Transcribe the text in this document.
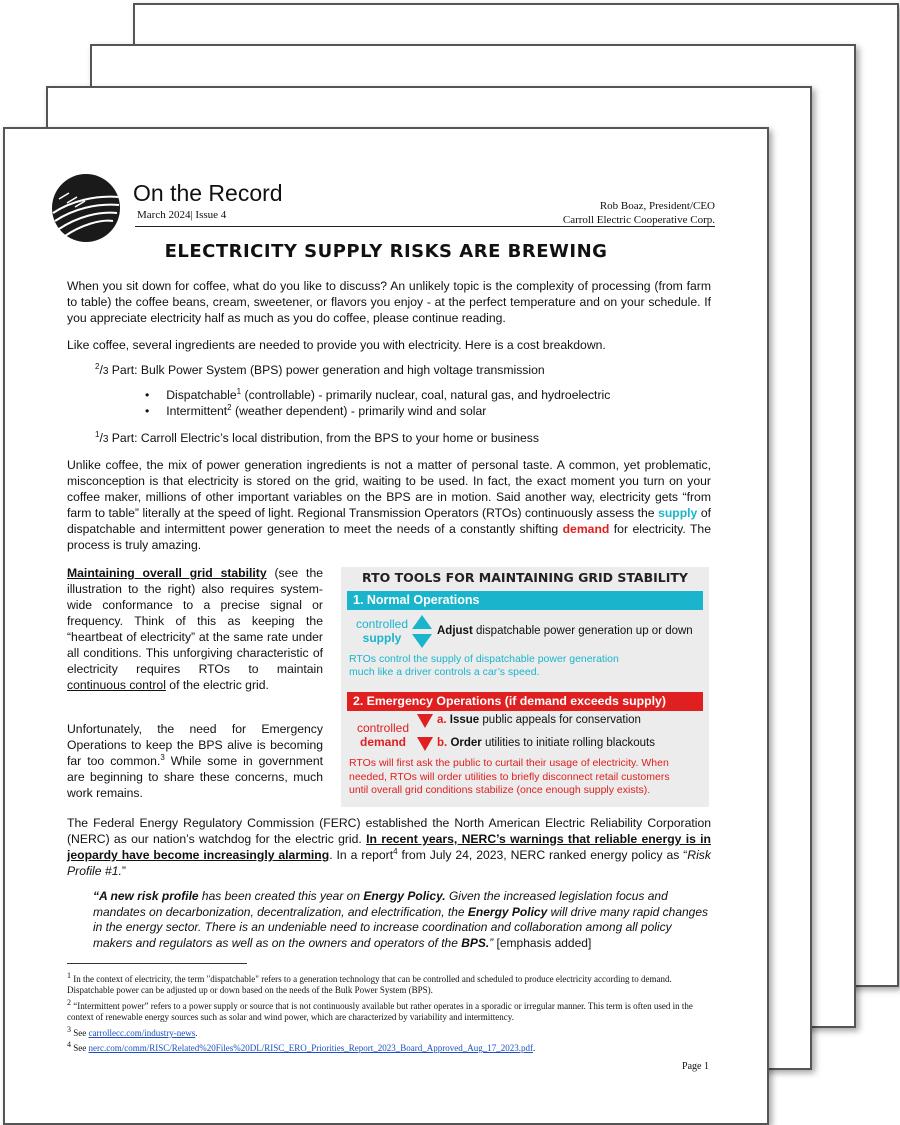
On the Record
March 2024| Issue 4
Rob Boaz, President/CEO
Carroll Electric Cooperative Corp.
ELECTRICITY SUPPLY RISKS ARE BREWING

When you sit down for coffee, what do you like to discuss? An unlikely topic is the complexity of processing (from farm to table) the coffee beans, cream, sweetener, or flavors you enjoy - at the perfect temperature and on your schedule. If you appreciate electricity half as much as you do coffee, please continue reading.

Like coffee, several ingredients are needed to provide you with electricity. Here is a cost breakdown.

$^2$/3 Part: Bulk Power System (BPS) power generation and high voltage transmission

•     Dispatchable$^1$ (controllable) - primarily nuclear, coal, natural gas, and hydroelectric

•     Intermittent$^2$ (weather dependent) - primarily wind and solar

$^1$/3 Part: Carroll Electric’s local distribution, from the BPS to your home or business

Unlike coffee, the mix of power generation ingredients is not a matter of personal taste. A common, yet problematic, misconception is that electricity is stored on the grid, waiting to be used. In fact, the exact moment you turn on your coffee maker, millions of other important variables on the BPS are in motion. Said another way, electricity gets “from farm to table” literally at the speed of light. Regional Transmission Operators (RTOs) continuously assess the supply of dispatchable and intermittent power generation to meet the needs of a constantly shifting demand for electricity. The process is truly amazing.

Maintaining overall grid stability (see the illustration to the right) also requires system-wide conformance to a precise signal or frequency. Think of this as keeping the “heartbeat of electricity” at the same rate under all conditions. This unforgiving characteristic of electricity requires RTOs to maintain continuous control of the electric grid.

Unfortunately, the need for Emergency Operations to keep the BPS alive is becoming far too common.$^3$ While some in government are beginning to share these concerns, much work remains.

RTO TOOLS FOR MAINTAINING GRID STABILITY
1. Normal Operations
controlled
supply	Adjust dispatchable power generation up or down
RTOs control the supply of dispatchable power generation
much like a driver controls a car’s speed.
2. Emergency Operations (if demand exceeds supply)
controlled
demand
a. Issue public appeals for conservation
b. Order utilities to initiate rolling blackouts
RTOs will first ask the public to curtail their usage of electricity. When
needed, RTOs will order utilities to briefly disconnect retail customers
until overall grid conditions stabilize (once enough supply exists).

The Federal Energy Regulatory Commission (FERC) established the North American Electric Reliability Corporation (NERC) as our nation’s watchdog for the electric grid. In recent years, NERC’s warnings that reliable energy is in jeopardy have become increasingly alarming. In a report$^4$ from July 24, 2023, NERC ranked energy policy as “Risk Profile #1.”

“A new risk profile has been created this year on Energy Policy. Given the increased legislation focus and mandates on decarbonization, decentralization, and electrification, the Energy Policy will drive many rapid changes in the energy sector. There is an undeniable need to increase coordination and collaboration among all policy makers and regulators as well as on the owners and operators of the BPS.” [emphasis added]

1 In the context of electricity, the term "dispatchable" refers to a generation technology that can be controlled and scheduled to produce electricity according to demand. Dispatchable power can be adjusted up or down based on the needs of the Bulk Power System (BPS).

2 “Intermittent power” refers to a power supply or source that is not continuously available but rather operates in a sporadic or irregular manner. This term is often used in the context of renewable energy sources such as solar and wind power, which are characterized by variability and intermittency.

3 See carrollecc.com/industry-news.

4 See nerc.com/comm/RISC/Related%20Files%20DL/RISC_ERO_Priorities_Report_2023_Board_Approved_Aug_17_2023.pdf.

Page 1
